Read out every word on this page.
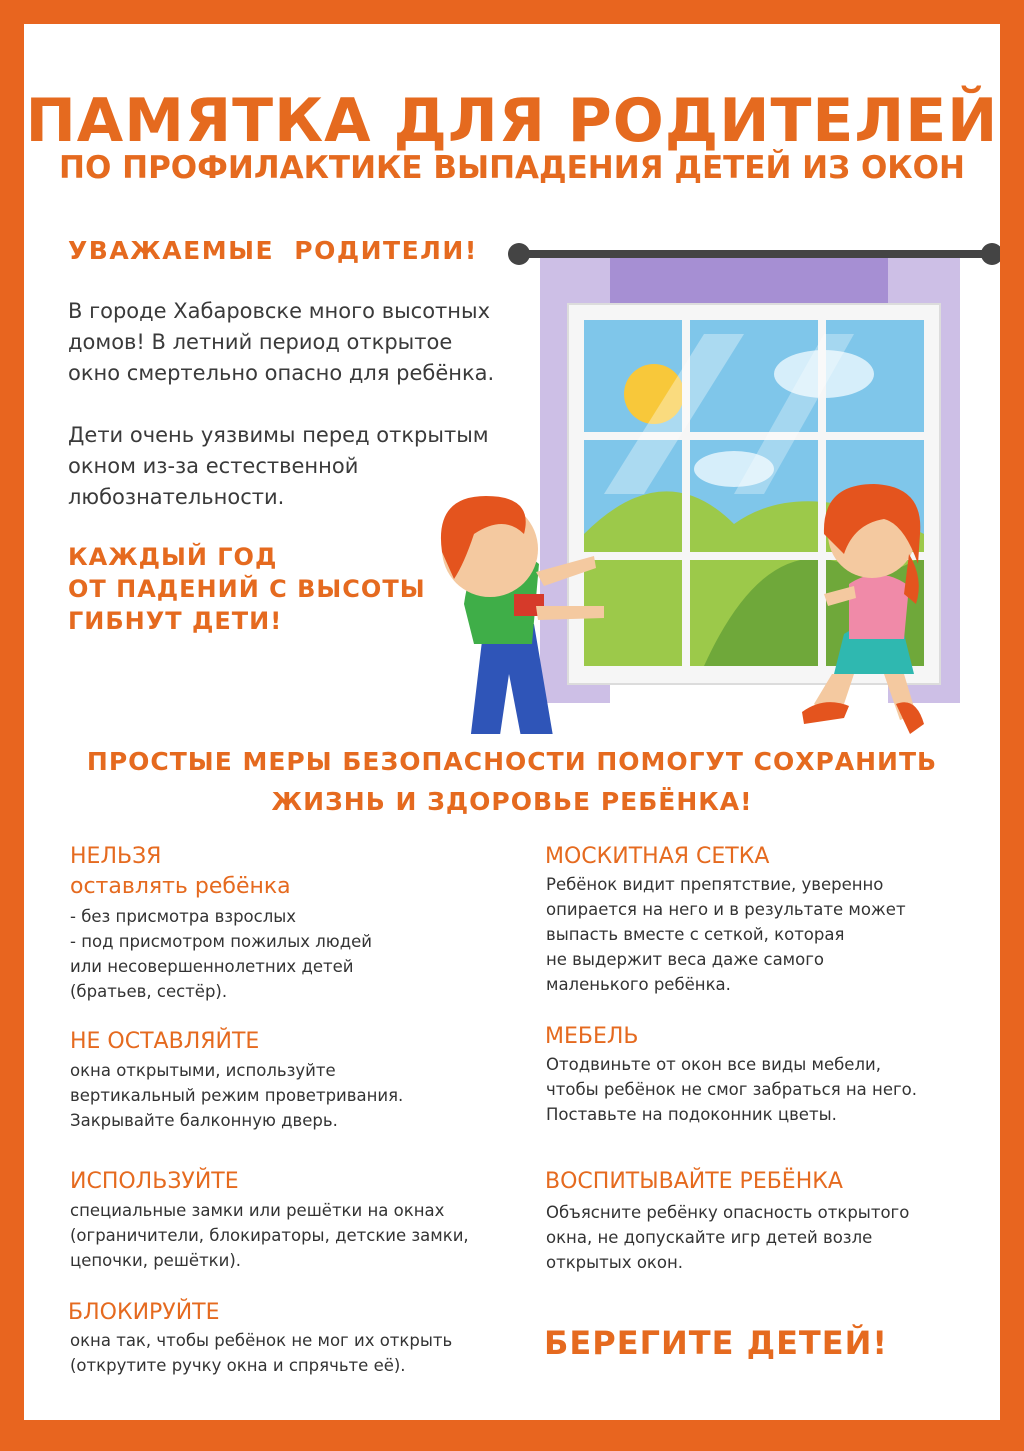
ПАМЯТКА ДЛЯ РОДИТЕЛЕЙ
ПО ПРОФИЛАКТИКЕ ВЫПАДЕНИЯ ДЕТЕЙ ИЗ ОКОН
УВАЖАЕМЫЕ РОДИТЕЛИ!
В городе Хабаровске много высотных
домов! В летний период открытое
окно смертельно опасно для ребёнка.
Дети очень уязвимы перед открытым
окном из-за естественной
любознательности.
КАЖДЫЙ ГОД
ОТ ПАДЕНИЙ С ВЫСОТЫ
ГИБНУТ ДЕТИ!
ПРОСТЫЕ МЕРЫ БЕЗОПАСНОСТИ ПОМОГУТ СОХРАНИТЬ
ЖИЗНЬ И ЗДОРОВЬЕ РЕБЁНКА!
НЕЛЬЗЯ
оставлять ребёнка
- без присмотра взрослых
- под присмотром пожилых людей
или несовершеннолетних детей
(братьев, сестёр).
НЕ ОСТАВЛЯЙТЕ
окна открытыми, используйте
вертикальный режим проветривания.
Закрывайте балконную дверь.
ИСПОЛЬЗУЙТЕ
специальные замки или решётки на окнах
(ограничители, блокираторы, детские замки,
цепочки, решётки).
БЛОКИРУЙТЕ
окна так, чтобы ребёнок не мог их открыть
(открутите ручку окна и спрячьте её).
МОСКИТНАЯ СЕТКА
Ребёнок видит препятствие, уверенно
опирается на него и в результате может
выпасть вместе с сеткой, которая
не выдержит веса даже самого
маленького ребёнка.
МЕБЕЛЬ
Отодвиньте от окон все виды мебели,
чтобы ребёнок не смог забраться на него.
Поставьте на подоконник цветы.
ВОСПИТЫВАЙТЕ РЕБЁНКА
Объясните ребёнку опасность открытого
окна, не допускайте игр детей возле
открытых окон.
БЕРЕГИТЕ ДЕТЕЙ!
